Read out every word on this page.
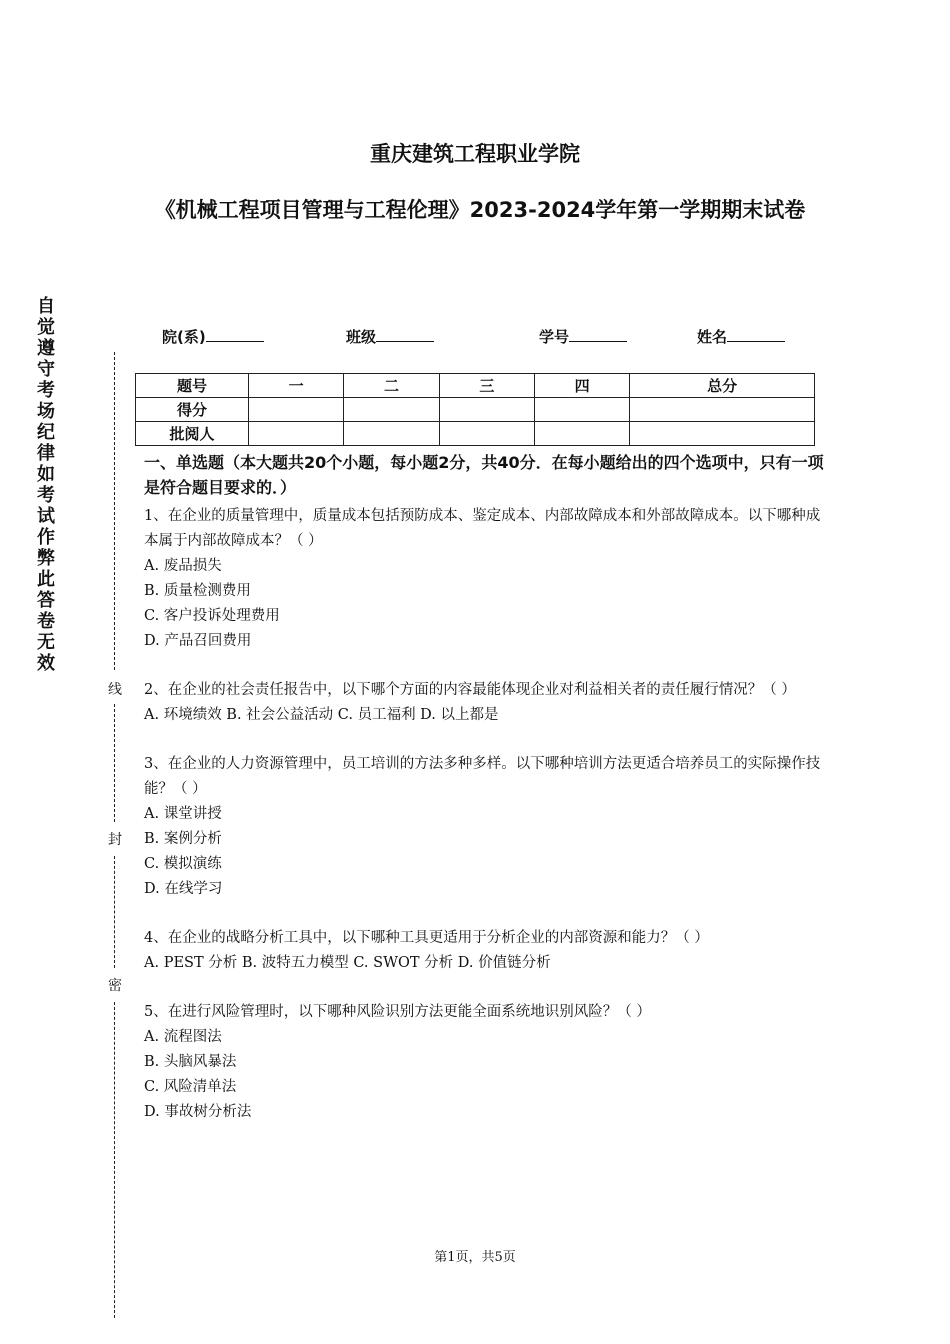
自觉遵守考场纪律如考试作弊此答卷无效
线
封
密
重庆建筑工程职业学院
《机械工程项目管理与工程伦理》2023-2024学年第一学期期末试卷
院(系)	班级	学号	姓名
题号	一	二	三	四	总分
得分					
批阅人					
一、单选题（本大题共20个小题，每小题2分，共40分．在每小题给出的四个选项中，只有一项是符合题目要求的．）
1、在企业的质量管理中，质量成本包括预防成本、鉴定成本、内部故障成本和外部故障成本。以下哪种成本属于内部故障成本？（ ）
A. 废品损失
B. 质量检测费用
C. 客户投诉处理费用
D. 产品召回费用
2、在企业的社会责任报告中，以下哪个方面的内容最能体现企业对利益相关者的责任履行情况？（ ）
A. 环境绩效 B. 社会公益活动 C. 员工福利 D. 以上都是
3、在企业的人力资源管理中，员工培训的方法多种多样。以下哪种培训方法更适合培养员工的实际操作技能？（ ）
A. 课堂讲授
B. 案例分析
C. 模拟演练
D. 在线学习
4、在企业的战略分析工具中，以下哪种工具更适用于分析企业的内部资源和能力？（ ）
A. PEST 分析 B. 波特五力模型 C. SWOT 分析 D. 价值链分析
5、在进行风险管理时，以下哪种风险识别方法更能全面系统地识别风险？（ ）
A. 流程图法
B. 头脑风暴法
C. 风险清单法
D. 事故树分析法
第1页，共5页
